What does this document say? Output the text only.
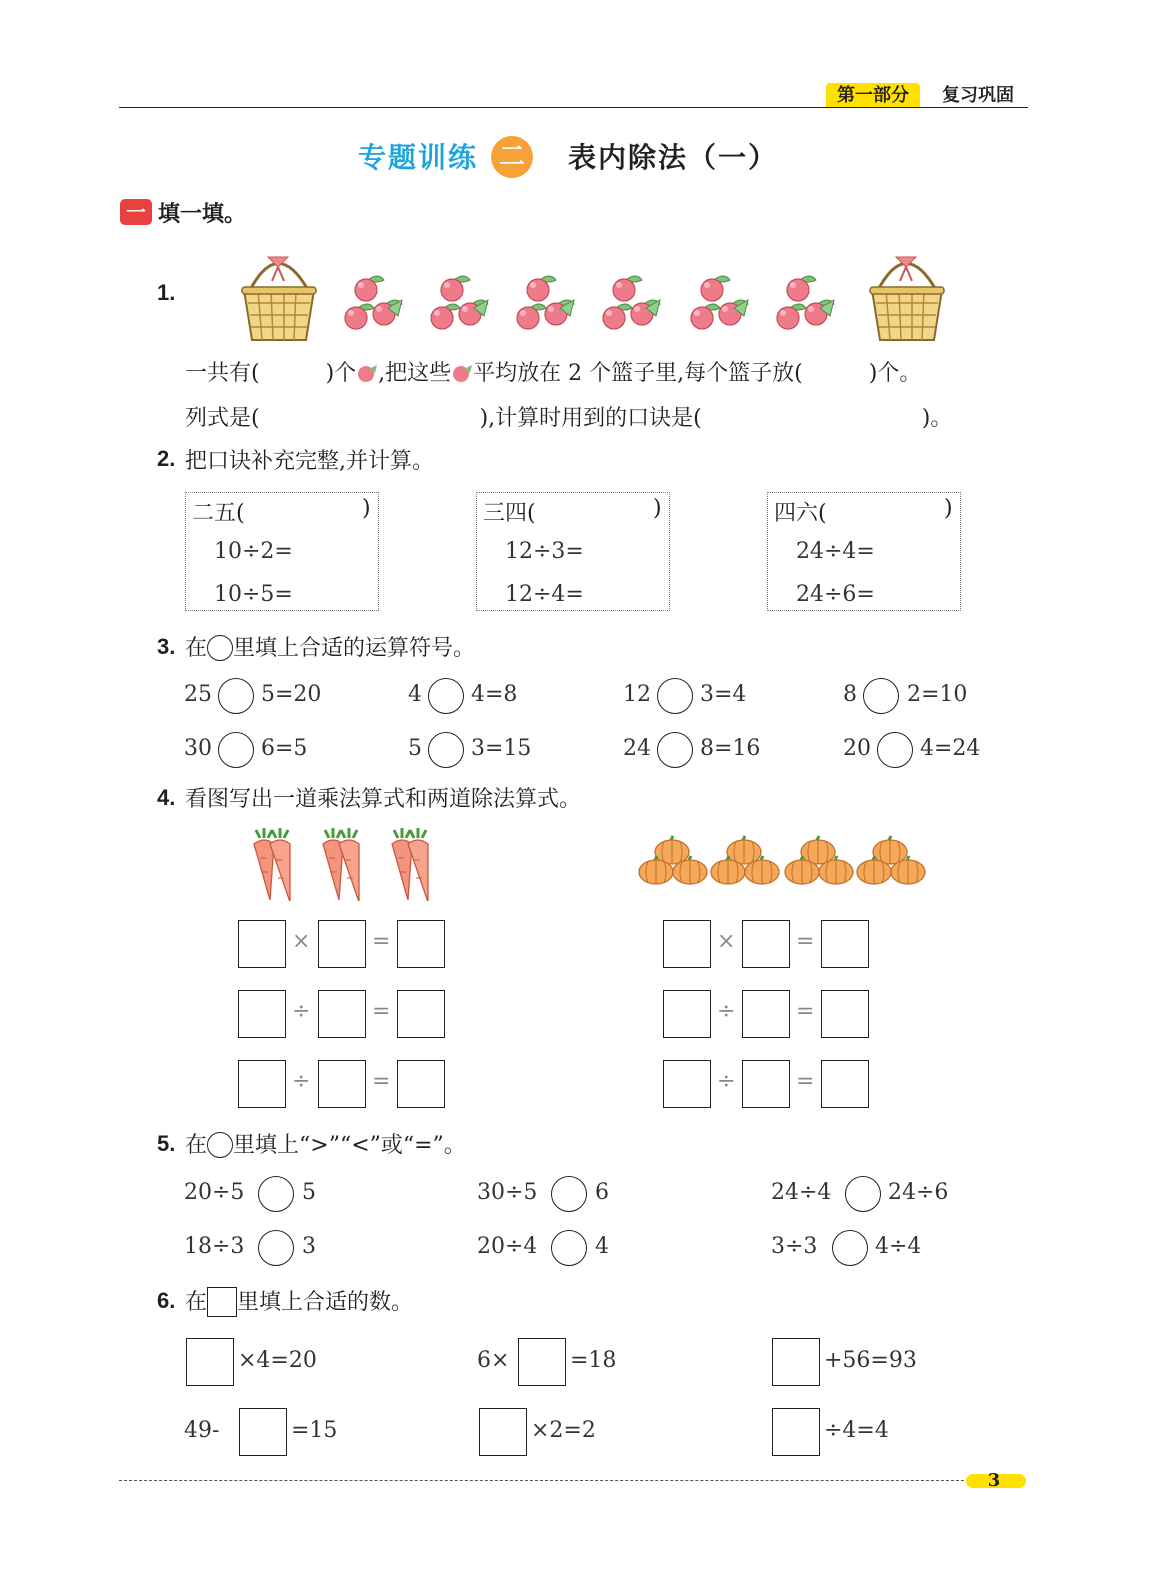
第一部分	复习巩固
专题训练 二 表内除法（一）
一 填一填。
1.
一共有(　　　)个 ,把这些 平均放在 2 个篮子里,每个篮子放(　　　)个。
列式是(　　　　　　　　　　),计算时用到的口诀是(　　　　　　　　　　)。
2. 把口诀补充完整,并计算。
二五(	)
10÷2=
10÷5=
三四(	)
12÷3=
12÷4=
四六(	)
24÷4=
24÷6=
3. 在 里填上合适的运算符号。
25 5=20	4 4=8	12 3=4	8 2=10
30 6=5	5 3=15	24 8=16	20 4=24
4. 看图写出一道乘法算式和两道除法算式。
×	=
÷	=
÷	=
×	=
÷	=
÷	=
5. 在 里填上“>”“<”或“=”。
20÷5	5	30÷5	6	24÷4	24÷6
18÷3	3	20÷4	4	3÷3	4÷4
6. 在 里填上合适的数。
×4=20	6×	=18	+56=93
49-	=15	×2=2	÷4=4
3
